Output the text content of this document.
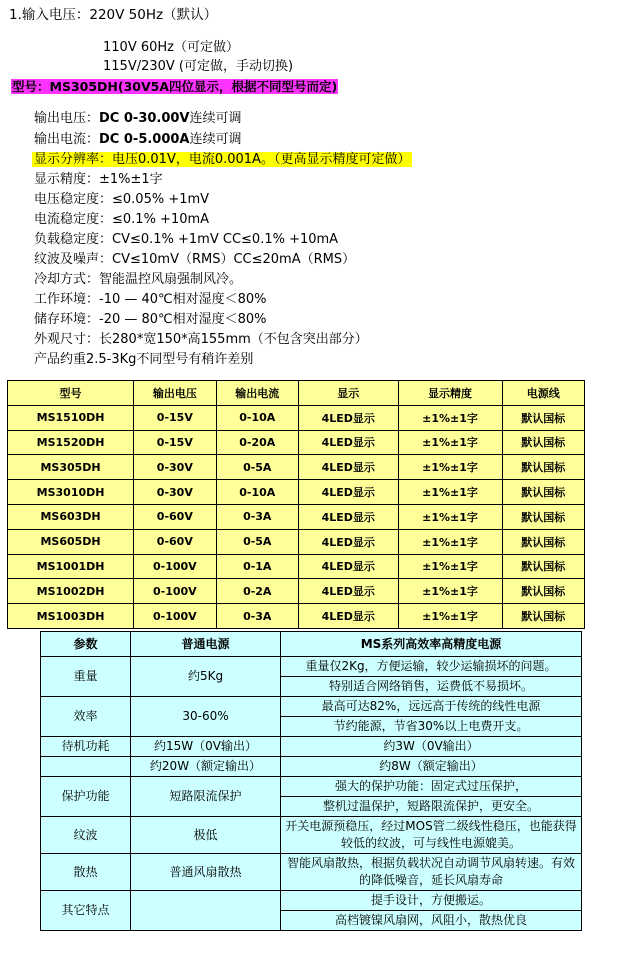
1.输入电压：220V 50Hz（默认）
110V 60Hz（可定做）
115V/230V (可定做，手动切换)
型号：MS305DH(30V5A四位显示，根据不同型号而定)
输出电压：DC 0-30.00V连续可调
输出电流：DC 0-5.000A连续可调
显示分辨率：电压0.01V，电流0.001A。（更高显示精度可定做）
显示精度：±1%±1字
电压稳定度：≤0.05% +1mV
电流稳定度：≤0.1% +10mA
负载稳定度：CV≤0.1% +1mV CC≤0.1% +10mA
纹波及噪声：CV≤10mV（RMS）CC≤20mA（RMS）
冷却方式：智能温控风扇强制风冷。
工作环境：-10 — 40℃相对湿度＜80%
储存环境：-20 — 80℃相对湿度＜80%
外观尺寸：长280*宽150*高155mm（不包含突出部分）
产品约重2.5-3Kg不同型号有稍许差别
型号	输出电压	输出电流	显示	显示精度	电源线
MS1510DH	0-15V	0-10A	4LED显示	±1%±1字	默认国标
MS1520DH	0-15V	0-20A	4LED显示	±1%±1字	默认国标
MS305DH	0-30V	0-5A	4LED显示	±1%±1字	默认国标
MS3010DH	0-30V	0-10A	4LED显示	±1%±1字	默认国标
MS603DH	0-60V	0-3A	4LED显示	±1%±1字	默认国标
MS605DH	0-60V	0-5A	4LED显示	±1%±1字	默认国标
MS1001DH	0-100V	0-1A	4LED显示	±1%±1字	默认国标
MS1002DH	0-100V	0-2A	4LED显示	±1%±1字	默认国标
MS1003DH	0-100V	0-3A	4LED显示	±1%±1字	默认国标
参数	普通电源	MS系列高效率高精度电源
重量	约5Kg	重量仅2Kg，方便运输，较少运输损坏的问题。
		特别适合网络销售，运费低不易损坏。
效率	30-60%	最高可达82%，远远高于传统的线性电源
		节约能源，节省30%以上电费开支。
待机功耗	约15W（0V输出）	约3W（0V输出）
	约20W（额定输出）	约8W（额定输出）
保护功能	短路限流保护	强大的保护功能：固定式过压保护，
		整机过温保护，短路限流保护，更安全。
纹波	极低	开关电源预稳压，经过MOS管二级线性稳压，也能获得较低的纹波，可与线性电源媲美。
散热	普通风扇散热	智能风扇散热，根据负载状况自动调节风扇转速。有效的降低噪音，延长风扇寿命
其它特点		提手设计，方便搬运。
		高档镀镍风扇网，风阻小，散热优良
